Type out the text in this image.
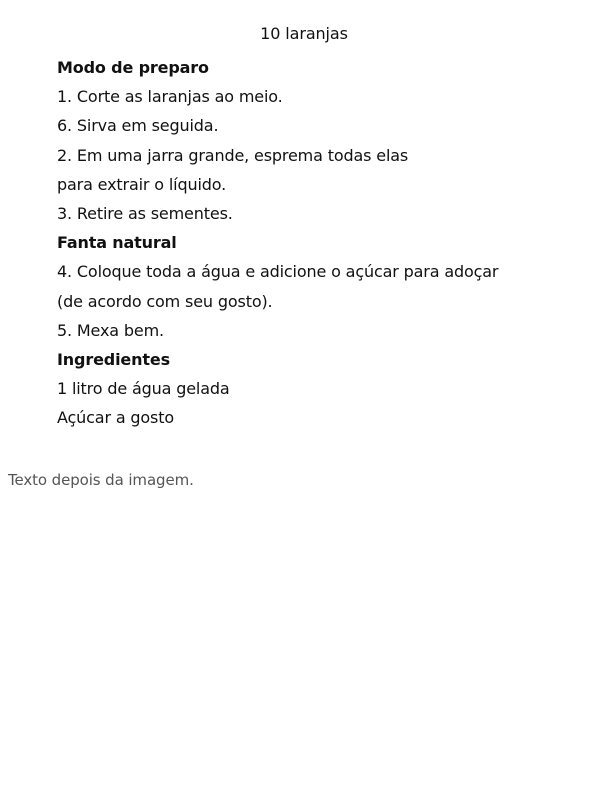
10 laranjas
Modo de preparo
1. Corte as laranjas ao meio.
6. Sirva em seguida.
2. Em uma jarra grande, esprema todas elas
para extrair o líquido.
3. Retire as sementes.
Fanta natural
4. Coloque toda a água e adicione o açúcar para adoçar
(de acordo com seu gosto).
5. Mexa bem.
Ingredientes
1 litro de água gelada
Açúcar a gosto
Texto depois da imagem.
